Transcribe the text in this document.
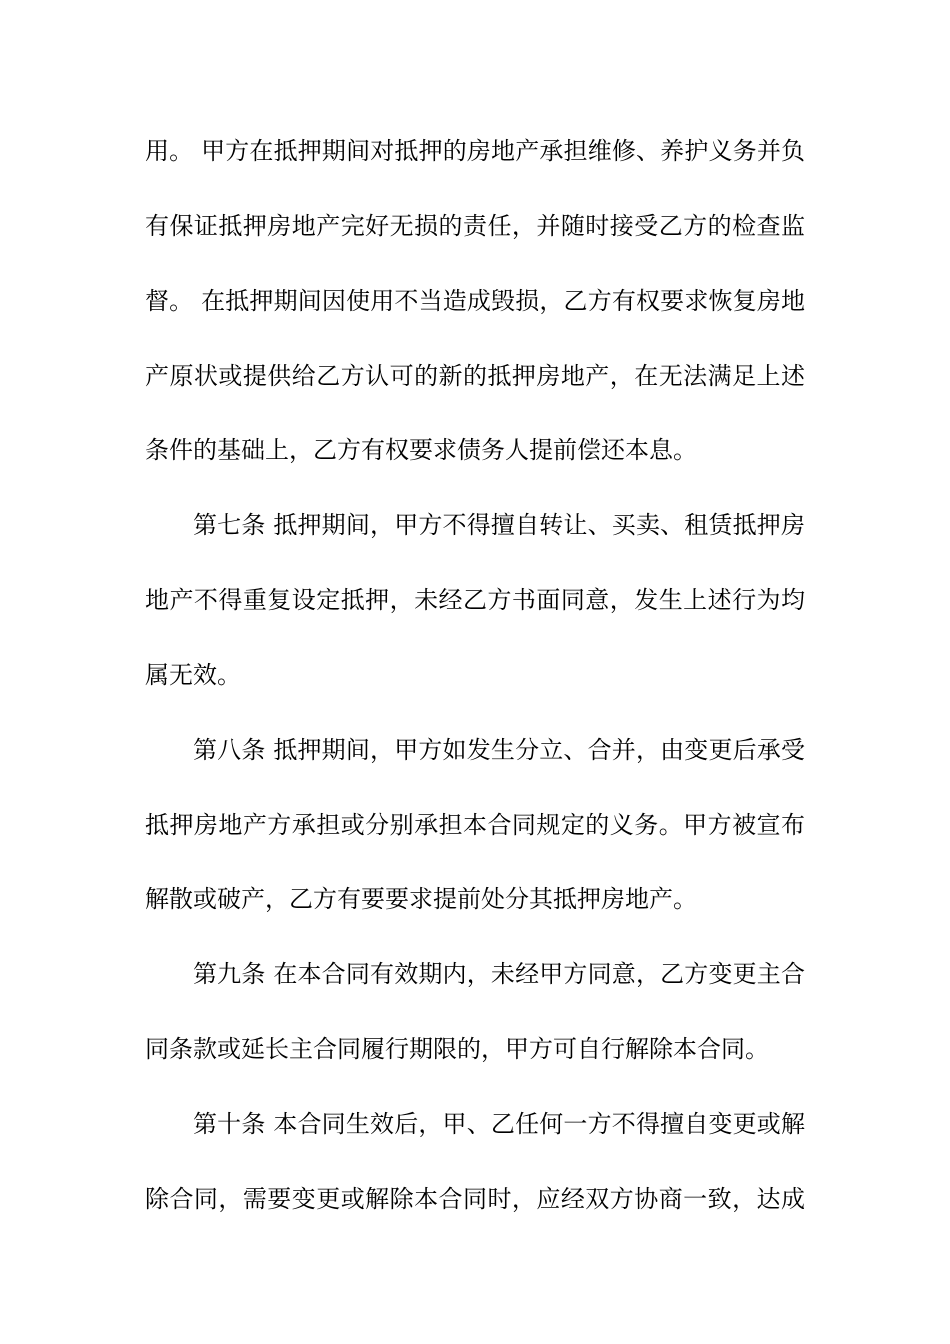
用。 甲方在抵押期间对抵押的房地产承担维修、养护义务并负
有保证抵押房地产完好无损的责任，并随时接受乙方的检查监
督。 在抵押期间因使用不当造成毁损，乙方有权要求恢复房地
产原状或提供给乙方认可的新的抵押房地产，在无法满足上述
条件的基础上，乙方有权要求债务人提前偿还本息。
第七条 抵押期间，甲方不得擅自转让、买卖、租赁抵押房
地产不得重复设定抵押，未经乙方书面同意，发生上述行为均
属无效。
第八条 抵押期间，甲方如发生分立、合并，由变更后承受
抵押房地产方承担或分别承担本合同规定的义务。甲方被宣布
解散或破产，乙方有要要求提前处分其抵押房地产。
第九条 在本合同有效期内，未经甲方同意，乙方变更主合
同条款或延长主合同履行期限的，甲方可自行解除本合同。
第十条 本合同生效后，甲、乙任何一方不得擅自变更或解
除合同，需要变更或解除本合同时，应经双方协商一致，达成
